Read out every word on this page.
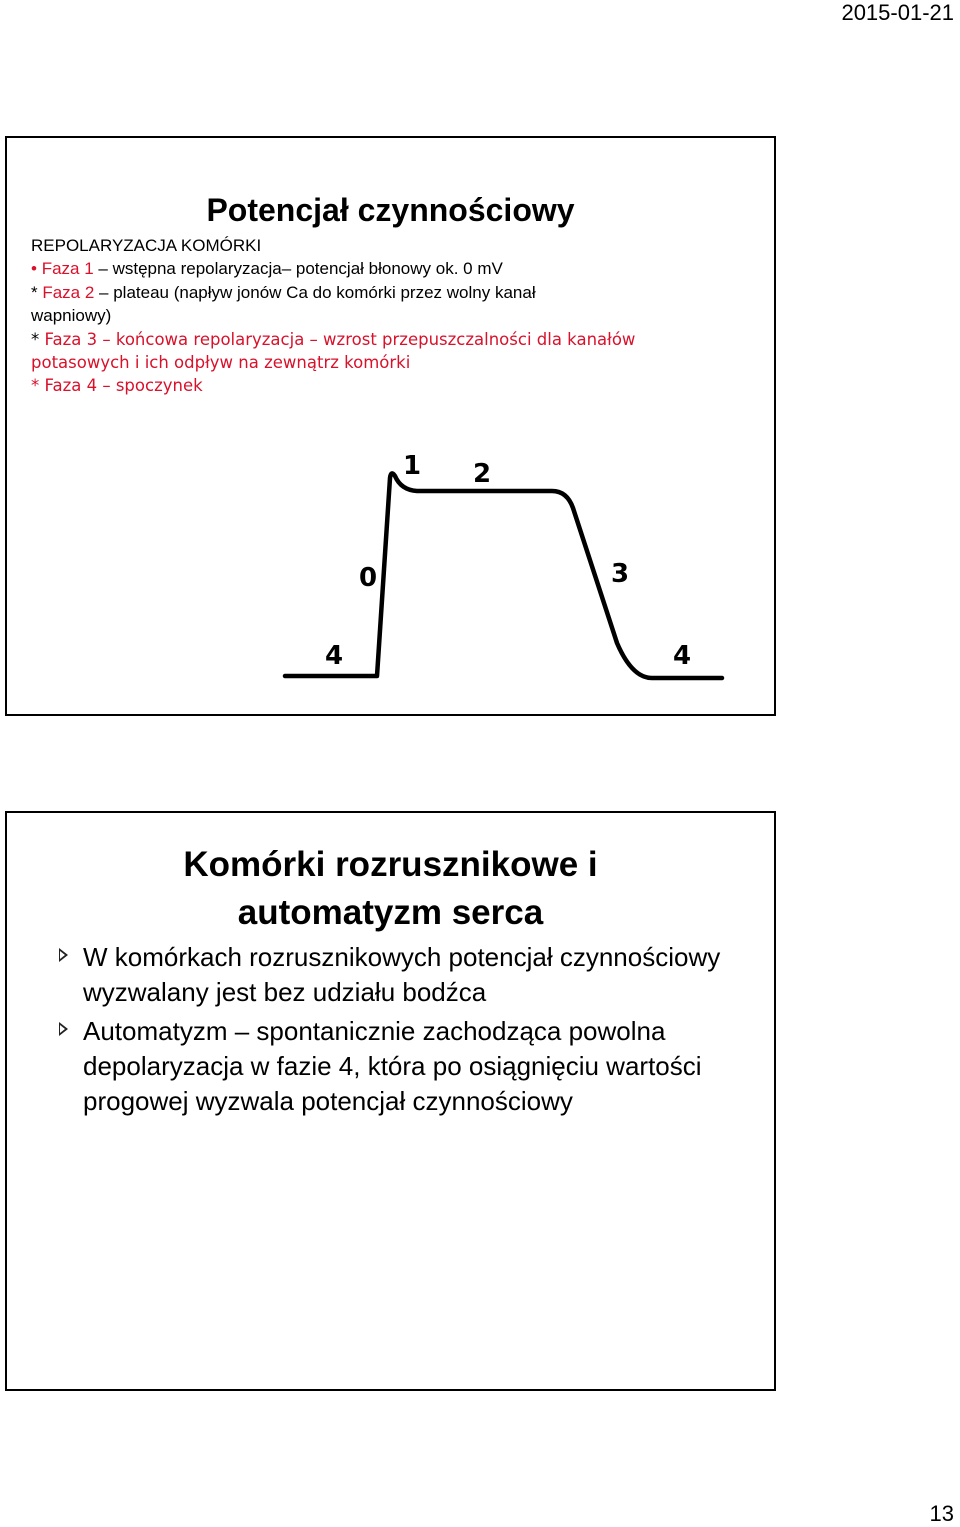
2015-01-21
Potencjał czynnościowy
REPOLARYZACJA KOMÓRKI
• Faza 1 – wstępna repolaryzacja– potencjał błonowy ok. 0 mV
* Faza 2 – plateau (napływ jonów Ca do komórki przez wolny kanał
wapniowy)
* Faza 3 – końcowa repolaryzacja – wzrost przepuszczalności dla kanałów
potasowych i ich odpływ na zewnątrz komórki
* Faza 4 – spoczynek
0
1 2
3
4	4
Komórki rozrusznikowe i
automatyzm serca
W komórkach rozrusznikowych potencjał czynnościowy wyzwalany jest bez udziału bodźca
Automatyzm – spontanicznie zachodząca powolna depolaryzacja w fazie 4, która po osiągnięciu wartości progowej wyzwala potencjał czynnościowy
13
